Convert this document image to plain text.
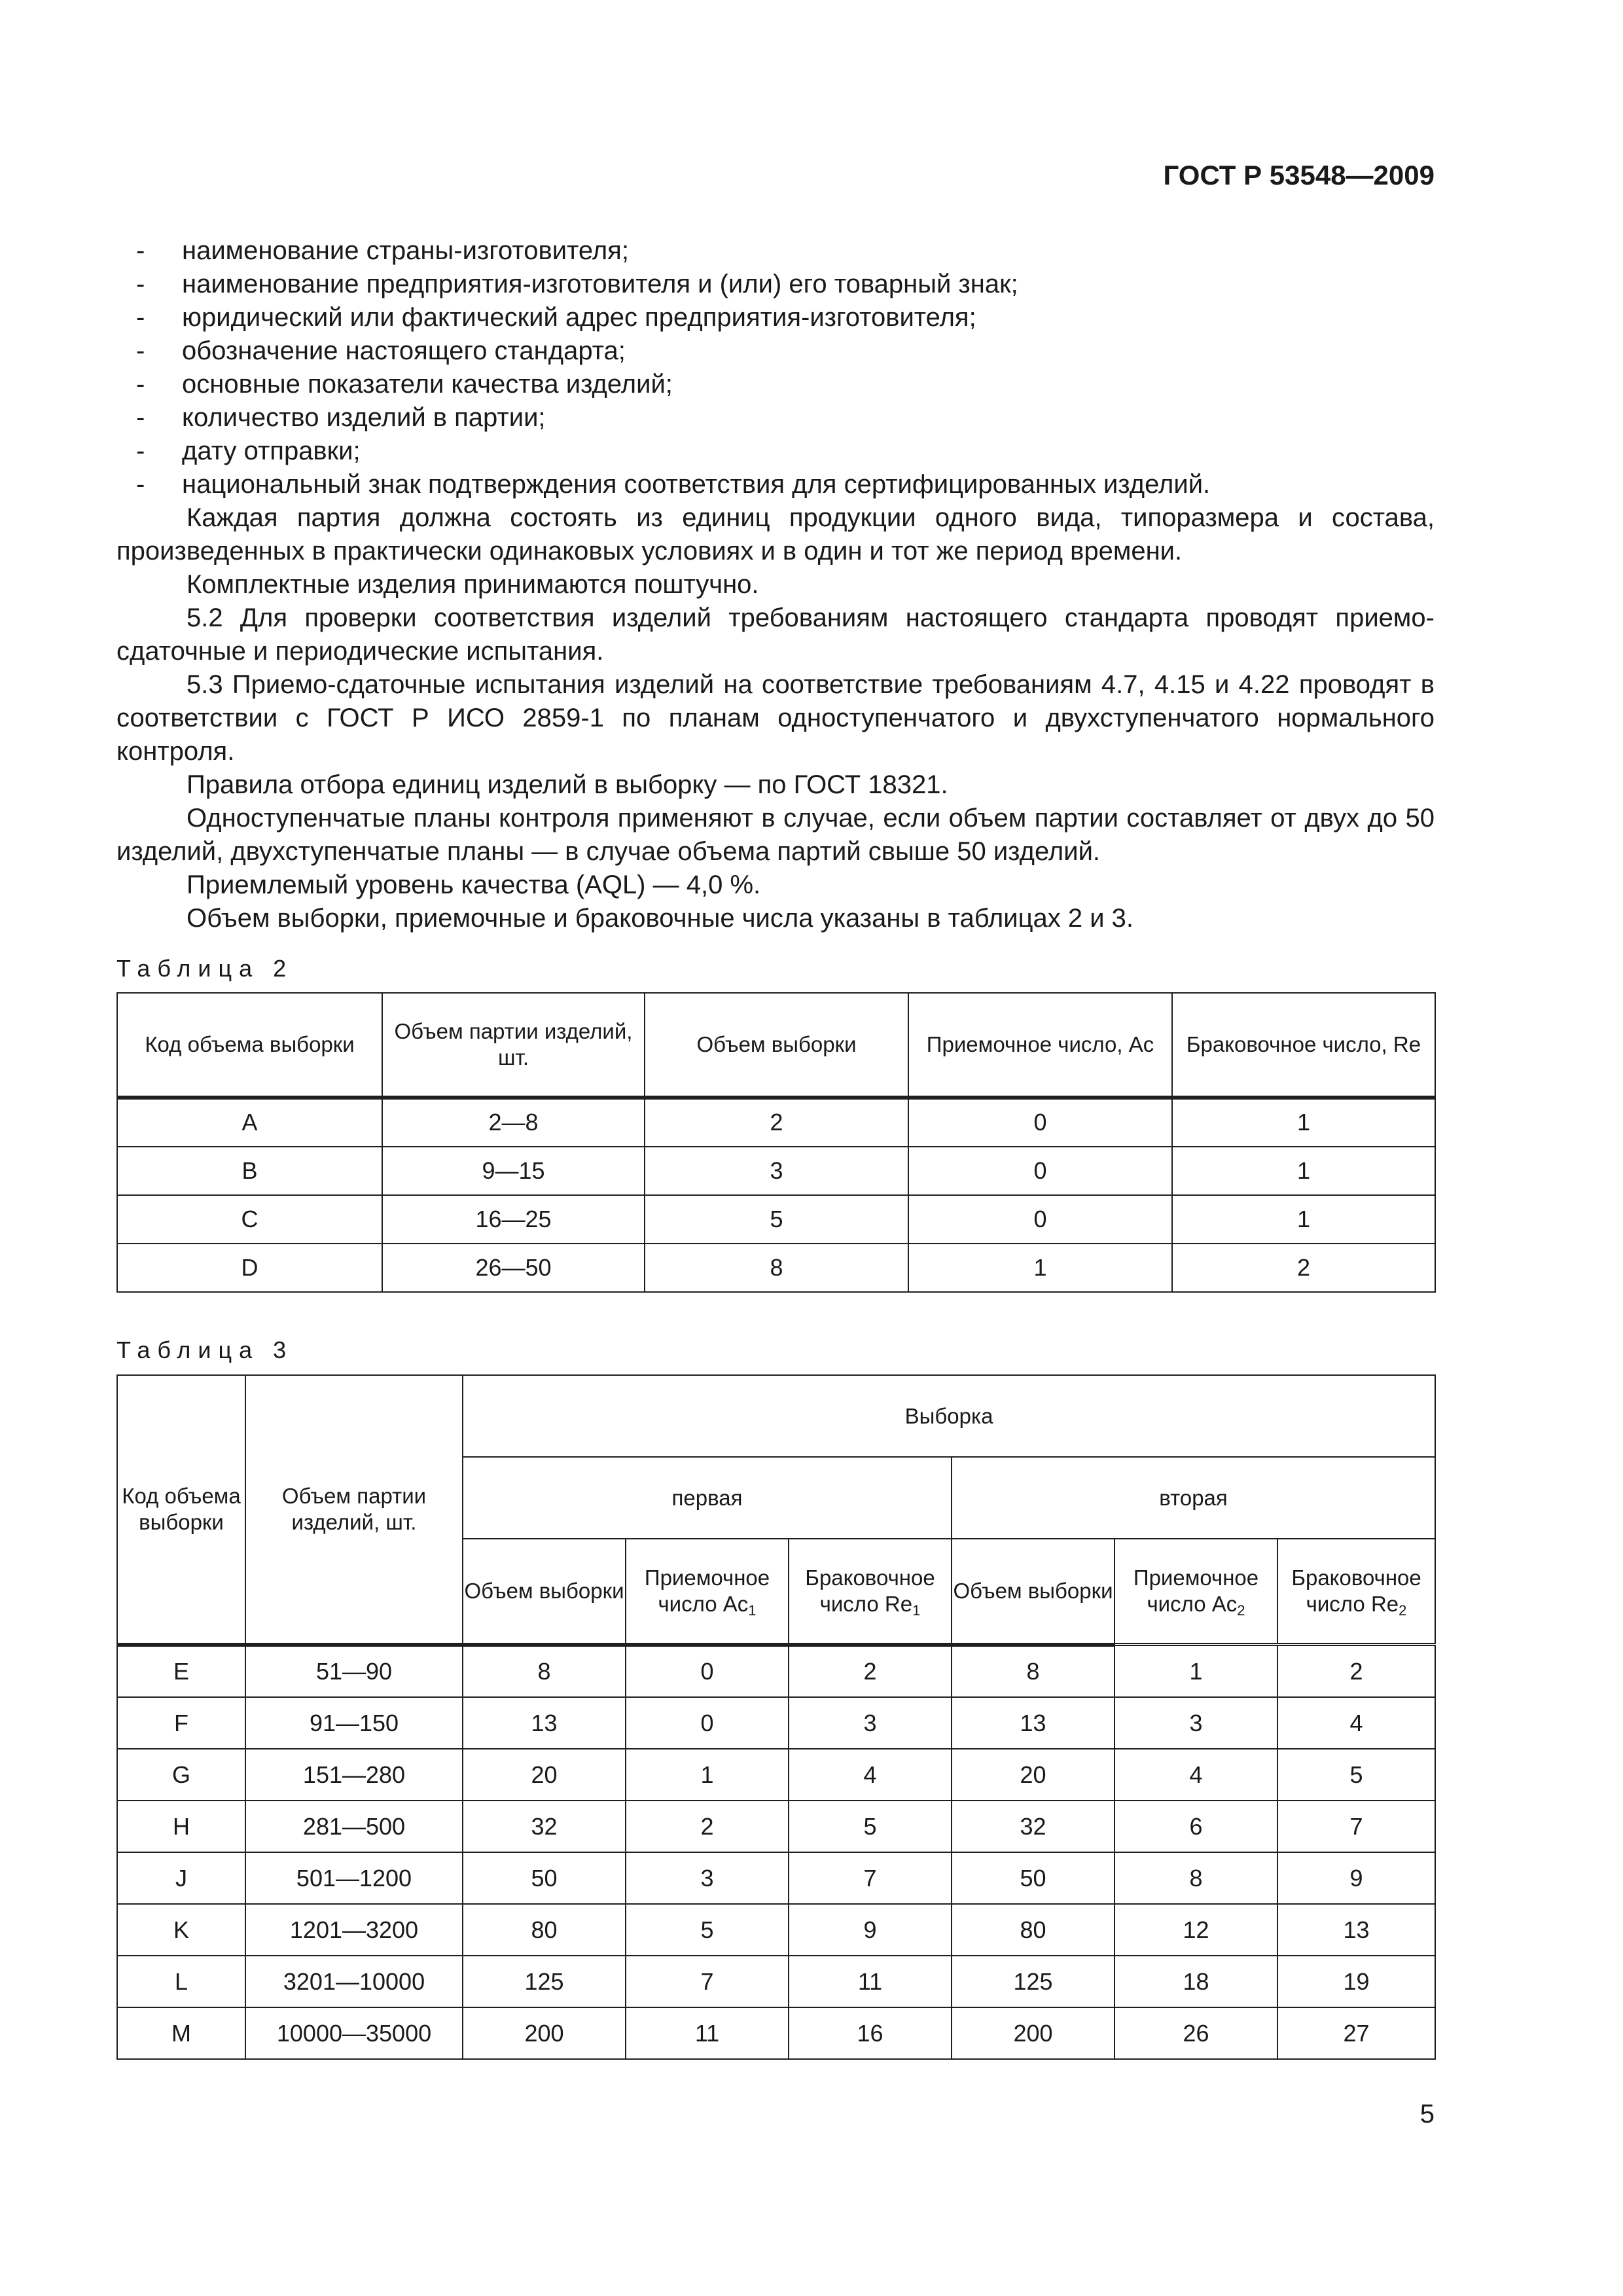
ГОСТ Р 53548—2009

- наименование страны-изготовителя;

- наименование предприятия-изготовителя и (или) его товарный знак;

- юридический или фактический адрес предприятия-изготовителя;

- обозначение настоящего стандарта;

- основные показатели качества изделий;

- количество изделий в партии;

- дату отправки;

- национальный знак подтверждения соответствия для сертифицированных изделий.

Каждая партия должна состоять из единиц продукции одного вида, типоразмера и состава, произведенных в практически одинаковых условиях и в один и тот же период времени.

Комплектные изделия принимаются поштучно.

5.2 Для проверки соответствия изделий требованиям настоящего стандарта проводят приемо-сдаточные и периодические испытания.

5.3 Приемо-сдаточные испытания изделий на соответствие требованиям 4.7, 4.15 и 4.22 проводят в соответствии с ГОСТ Р ИСО 2859-1 по планам одноступенчатого и двухступенчатого нормального контроля.

Правила отбора единиц изделий в выборку — по ГОСТ 18321.

Одноступенчатые планы контроля применяют в случае, если объем партии составляет от двух до 50 изделий, двухступенчатые планы — в случае объема партий свыше 50 изделий.

Приемлемый уровень качества (AQL) — 4,0 %.

Объем выборки, приемочные и браковочные числа указаны в таблицах 2 и 3.

Таблица 2
Код объема выборки	Объем партии изделий, шт.	Объем выборки	Приемочное число, Ac	Браковочное число, Re

A	2—8	2	0	1
B	9—15	3	0	1
C	16—25	5	0	1
D	26—50	8	1	2
Таблица 3
Код объема выборки	Объем партии изделий, шт.	Выборка					
		первая			вторая		
		Объем выборки	Приемочное число $Ac_1$	Браковочное число $Re_1$	Объем выборки	Приемочное число $Ac_2$	Браковочное число $Re_2$

E	51—90	8	0	2	8	1	2
F	91—150	13	0	3	13	3	4
G	151—280	20	1	4	20	4	5
H	281—500	32	2	5	32	6	7
J	501—1200	50	3	7	50	8	9
K	1201—3200	80	5	9	80	12	13
L	3201—10000	125	7	11	125	18	19
M	10000—35000	200	11	16	200	26	27
5
